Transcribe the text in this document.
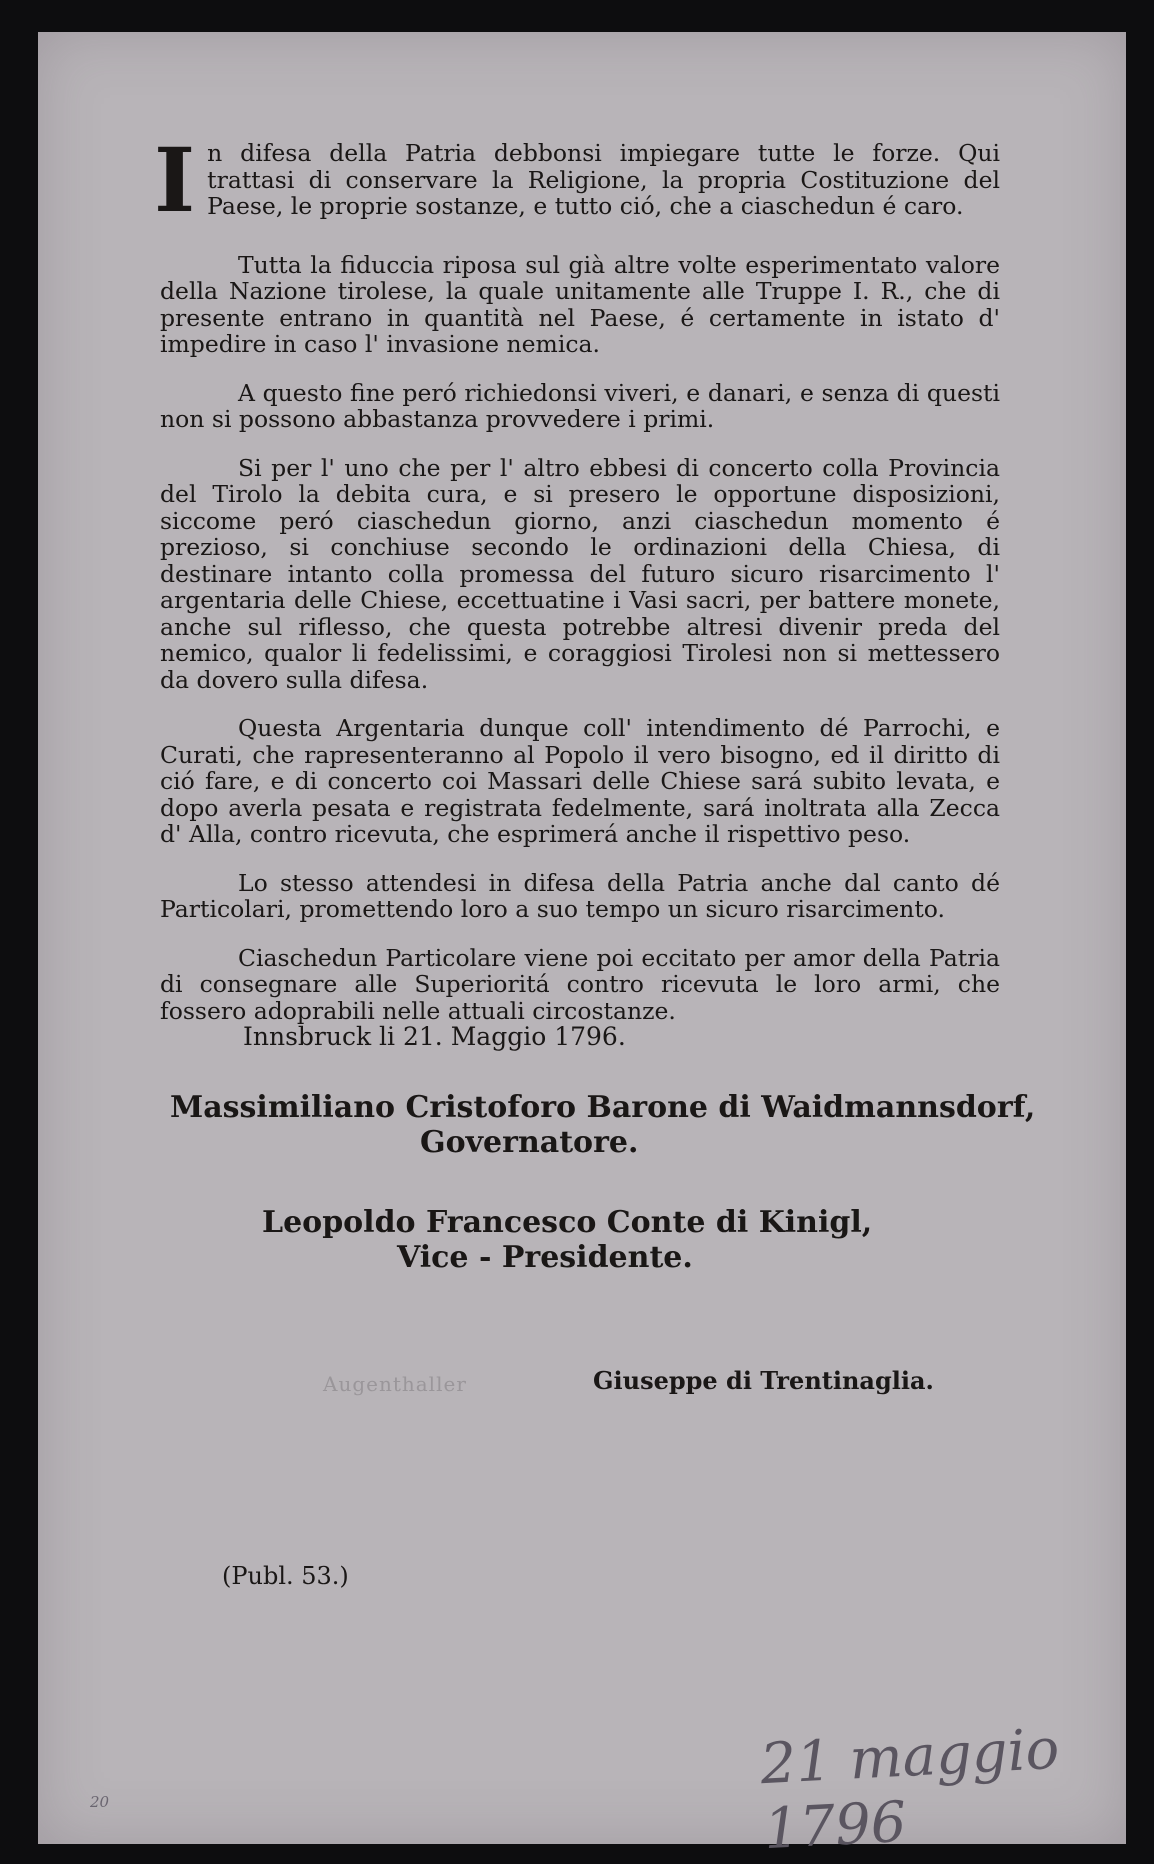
In difesa della Patria debbonsi impiegare tutte le forze. Qui trattasi di conservare la Religione, la propria Costituzione del Paese, le proprie sostanze, e tutto ció, che a ciaschedun é caro.

Tutta la fiduccia riposa sul già altre volte esperimentato valore della Nazione tirolese, la quale unitamente alle Truppe I. R., che di presente entrano in quantità nel Paese, é certamente in istato d' impedire in caso l' invasione nemica.

A questo fine peró richiedonsi viveri, e danari, e senza di questi non si possono abbastanza provvedere i primi.

Si per l' uno che per l' altro ebbesi di concerto colla Provincia del Tirolo la debita cura, e si presero le opportune disposizioni, siccome peró ciaschedun giorno, anzi ciaschedun momento é prezioso, si conchiuse secondo le ordinazioni della Chiesa, di destinare intanto colla promessa del futuro sicuro risarcimento l' argentaria delle Chiese, eccettuatine i Vasi sacri, per battere monete, anche sul riflesso, che questa potrebbe altresi divenir preda del nemico, qualor li fedelissimi, e coraggiosi Tirolesi non si mettessero da dovero sulla difesa.

Questa Argentaria dunque coll' intendimento dé Parrochi, e Curati, che rapresenteranno al Popolo il vero bisogno, ed il diritto di ció fare, e di concerto coi Massari delle Chiese sará subito levata, e dopo averla pesata e registrata fedelmente, sará inoltrata alla Zecca d' Alla, contro ricevuta, che esprimerá anche il rispettivo peso.

Lo stesso attendesi in difesa della Patria anche dal canto dé Particolari, promettendo loro a suo tempo un sicuro risarcimento.

Ciaschedun Particolare viene poi eccitato per amor della Patria di consegnare alle Superioritá contro ricevuta le loro armi, che fossero adoprabili nelle attuali circostanze.

Innsbruck li 21. Maggio 1796.
Massimiliano Cristoforo Barone di Waidmannsdorf,
Governatore.
Leopoldo Francesco Conte di Kinigl,
Vice - Presidente.
Augenthaller	Giuseppe di Trentinaglia.
(Publ. 53.)
21 maggio 1796
20
